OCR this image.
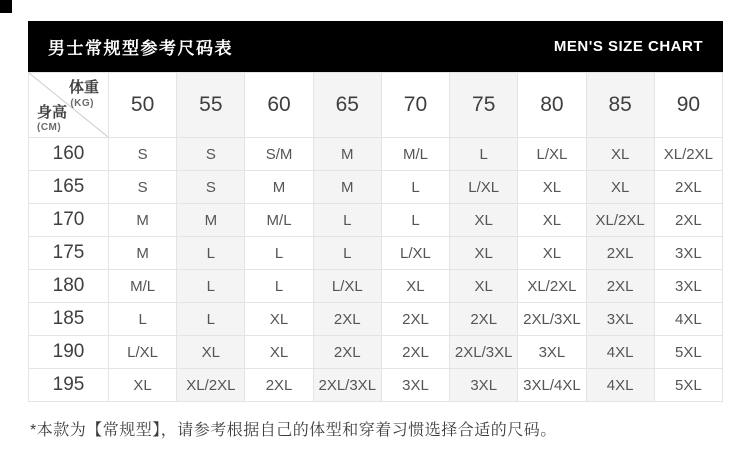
男士常规型参考尺码表	MEN'S SIZE CHART
体重
(KG)
身高
(CM)	50	55	60	65	70	75	80	85	90
160	S	S	S/M	M	M/L	L	L/XL	XL	XL/2XL
165	S	S	M	M	L	L/XL	XL	XL	2XL
170	M	M	M/L	L	L	XL	XL	XL/2XL	2XL
175	M	L	L	L	L/XL	XL	XL	2XL	3XL
180	M/L	L	L	L/XL	XL	XL	XL/2XL	2XL	3XL
185	L	L	XL	2XL	2XL	2XL	2XL/3XL	3XL	4XL
190	L/XL	XL	XL	2XL	2XL	2XL/3XL	3XL	4XL	5XL
195	XL	XL/2XL	2XL	2XL/3XL	3XL	3XL	3XL/4XL	4XL	5XL
*本款为【常规型】，请参考根据自己的体型和穿着习惯选择合适的尺码。
